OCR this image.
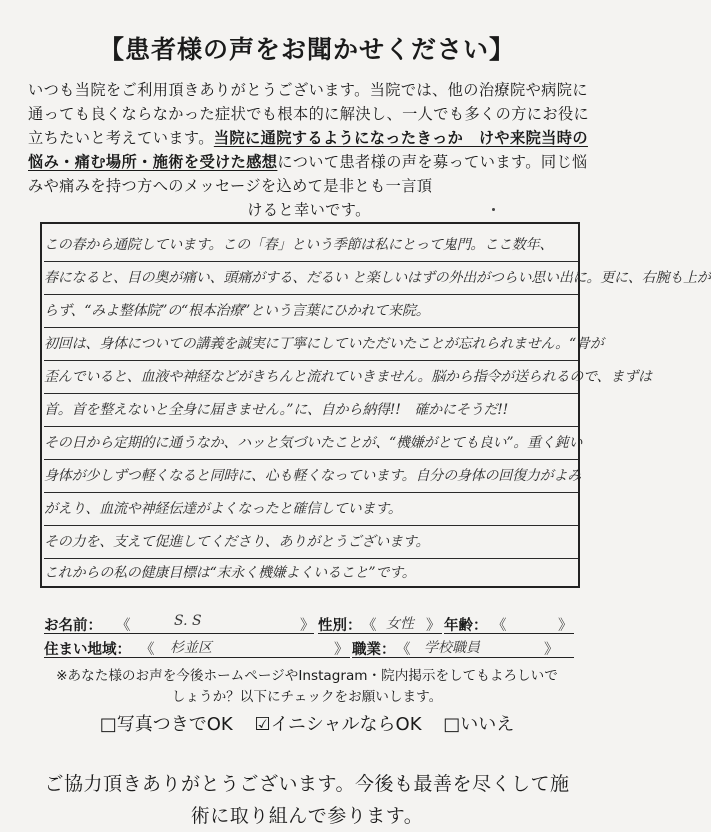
【患者様の声をお聞かせください】
いつも当院をご利用頂きありがとうございます。当院では、他の治療院や病院に通っても良くならなかった症状でも根本的に解決し、一人でも多くの方にお役に立ちたいと考えています。当院に通院するようになったきっか　けや来院当時の悩み・痛む場所・施術を受けた感想について患者様の声を募っています。同じ悩みや痛みを持つ方へのメッセージを込めて是非とも一言頂
けると幸いです。
この春から通院しています。この「春」という季節は私にとって鬼門。ここ数年、
春になると、目の奥が痛い、頭痛がする、だるい と楽しいはずの外出がつらい思い出に。更に、右腕も上が
らず、“みよ整体院”の“根本治療”という言葉にひかれて来院。
初回は、身体についての講義を誠実に丁寧にしていただいたことが忘れられません。“骨が
歪んでいると、血液や神経などがきちんと流れていきません。脳から指令が送られるので、まずは
首。首を整えないと全身に届きません。”に、自から納得!!　確かにそうだ!!
その日から定期的に通うなか、ハッと気づいたことが、“機嫌がとても良い”。重く鈍い
身体が少しずつ軽くなると同時に、心も軽くなっています。自分の身体の回復力がよみ
がえり、血流や神経伝達がよくなったと確信しています。
その力を、支えて促進してくださり、ありがとうございます。
これからの私の健康目標は“末永く機嫌よくいること”です。
お名前： 《	S. S	》 性別： 《 女性 》 年齢： 《	》
住まい地域： 《 杉並区	》 職業： 《 学校職員	》
※あなた様のお声を今後ホームページやInstagram・院内掲示をしてもよろしいで
しょうか？以下にチェックをお願いします。
□写真つきでOK ☑イニシャルならOK □いいえ
ご協力頂きありがとうございます。今後も最善を尽くして施
術に取り組んで参ります。
